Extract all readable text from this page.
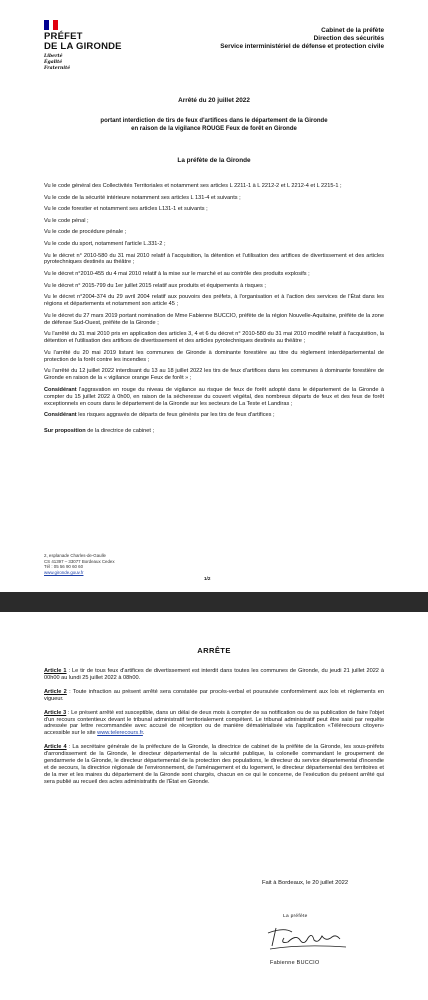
PRÉFET
DE LA GIRONDE
Liberté
Égalité
Fraternité
Cabinet de la préfète
Direction des sécurités
Service interministériel de défense et protection civile
Arrêté du 20 juillet 2022
portant interdiction de tirs de feux d'artifices dans le département de la Gironde
en raison de la vigilance ROUGE Feux de forêt en Gironde
La préfète de la Gironde

Vu le code général des Collectivités Territoriales et notamment ses articles L 2211-1 à L 2212-2 et L 2212-4 et L 2215-1 ;

Vu le code de la sécurité intérieure notamment ses articles L 131-4 et suivants ;

Vu le code forestier et notamment ses articles L131-1 et suivants ;

Vu le code pénal ;

Vu le code de procédure pénale ;

Vu le code du sport, notamment l'article L.331-2 ;

Vu le décret n° 2010-580 du 31 mai 2010 relatif à l'acquisition, la détention et l'utilisation des artifices de divertissement et des articles pyrotechniques destinés au théâtre ;

Vu le décret n°2010-455 du 4 mai 2010 relatif à la mise sur le marché et au contrôle des produits explosifs ;

Vu le décret n° 2015-799 du 1er juillet 2015 relatif aux produits et équipements à risques ;

Vu le décret n°2004-374 du 29 avril 2004 relatif aux pouvoirs des préfets, à l'organisation et à l'action des services de l'État dans les régions et départements et notamment son article 45 ;

Vu le décret du 27 mars 2019 portant nomination de Mme Fabienne BUCCIO, préfète de la région Nouvelle-Aquitaine, préfète de la zone de défense Sud-Ouest, préfète de la Gironde ;

Vu l'arrêté du 31 mai 2010 pris en application des articles 3, 4 et 6 du décret n° 2010-580 du 31 mai 2010 modifié relatif à l'acquisition, la détention et l'utilisation des artifices de divertissement et des articles pyrotechniques destinés au théâtre ;

Vu l'arrêté du 20 mai 2019 listant les communes de Gironde à dominante forestière au titre du règlement interdépartemental de protection de la forêt contre les incendies ;

Vu l'arrêté du 12 juillet 2022 interdisant du 13 au 18 juillet 2022 les tirs de feux d'artifices dans les communes à dominante forestière de Gironde en raison de la « vigilance orange Feux de forêt » ;

Considérant l'aggravation en rouge du niveau de vigilance au risque de feux de forêt adopté dans le département de la Gironde à compter du 15 juillet 2022 à 0h00, en raison de la sécheresse du couvert végétal, des nombreux départs de feux et des feux de forêt exceptionnels en cours dans le département de la Gironde sur les secteurs de La Teste et Landiras ;

Considérant les risques aggravés de départs de feux générés par les tirs de feux d'artifices ;

Sur proposition de la directrice de cabinet ;

2, esplanade Charles-de-Gaulle
CS 41397 – 33077 Bordeaux Cedex
Tél : 05 56 90 60 60
www.gironde.gouv.fr
1/2
ARRÊTE

Article 1 : Le tir de tous feux d'artifices de divertissement est interdit dans toutes les communes de Gironde, du jeudi 21 juillet 2022 à 00h00 au lundi 25 juillet 2022 à 08h00.

Article 2 : Toute infraction au présent arrêté sera constatée par procès-verbal et poursuivie conformément aux lois et règlements en vigueur.

Article 3 : Le présent arrêté est susceptible, dans un délai de deux mois à compter de sa notification ou de sa publication de faire l'objet d'un recours contentieux devant le tribunal administratif territorialement compétent. Le tribunal administratif peut être saisi par requête adressée par lettre recommandée avec accusé de réception ou de manière dématérialisée via l'application «Télérecours citoyen» accessible sur le site www.telerecours.fr.

Article 4 : La secrétaire générale de la préfecture de la Gironde, la directrice de cabinet de la préfète de la Gironde, les sous-préfets d'arrondissement de la Gironde, le directeur départemental de la sécurité publique, la colonelle commandant le groupement de gendarmerie de la Gironde, le directeur départemental de la protection des populations, le directeur du service départemental d'incendie et de secours, la directrice régionale de l'environnement, de l'aménagement et du logement, le directeur départemental des territoires et de la mer et les maires du département de la Gironde sont chargés, chacun en ce qui le concerne, de l'exécution du présent arrêté qui sera publié au recueil des actes administratifs de l'État en Gironde.

Fait à Bordeaux, le 20 juillet 2022
La préfète
Fabienne BUCCIO
